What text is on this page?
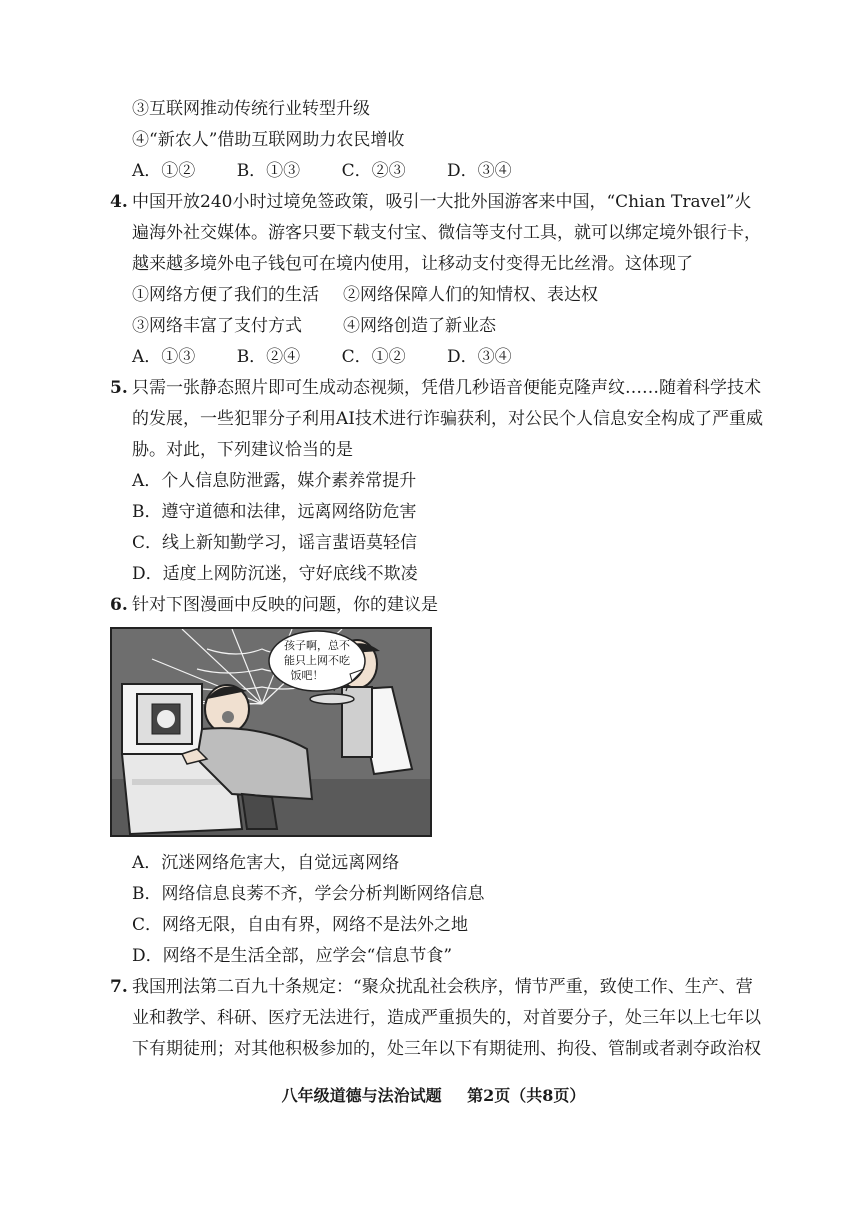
③互联网推动传统行业转型升级
④“新农人”借助互联网助力农民增收
A．①② B．①③ C．②③ D．③④
4. 中国开放240小时过境免签政策，吸引一大批外国游客来中国，“Chian Travel”火
遍海外社交媒体。游客只要下载支付宝、微信等支付工具，就可以绑定境外银行卡，
越来越多境外电子钱包可在境内使用，让移动支付变得无比丝滑。这体现了
①网络方便了我们的生活 ②网络保障人们的知情权、表达权
③网络丰富了支付方式 ④网络创造了新业态
A．①③ B．②④ C．①② D．③④
5. 只需一张静态照片即可生成动态视频，凭借几秒语音便能克隆声纹……随着科学技术
的发展，一些犯罪分子利用AI技术进行诈骗获利，对公民个人信息安全构成了严重威
胁。对此，下列建议恰当的是
A．个人信息防泄露，媒介素养常提升
B．遵守道德和法律，远离网络防危害
C．线上新知勤学习，谣言蜚语莫轻信
D．适度上网防沉迷，守好底线不欺凌
6. 针对下图漫画中反映的问题，你的建议是
孩子啊，总不
能只上网不吃
饭吧！
A．沉迷网络危害大，自觉远离网络
B．网络信息良莠不齐，学会分析判断网络信息
C．网络无限，自由有界，网络不是法外之地
D．网络不是生活全部，应学会“信息节食”
7. 我国刑法第二百九十条规定：“聚众扰乱社会秩序，情节严重，致使工作、生产、营
业和教学、科研、医疗无法进行，造成严重损失的，对首要分子，处三年以上七年以
下有期徒刑；对其他积极参加的，处三年以下有期徒刑、拘役、管制或者剥夺政治权
八年级道德与法治试题 第2页（共8页）
